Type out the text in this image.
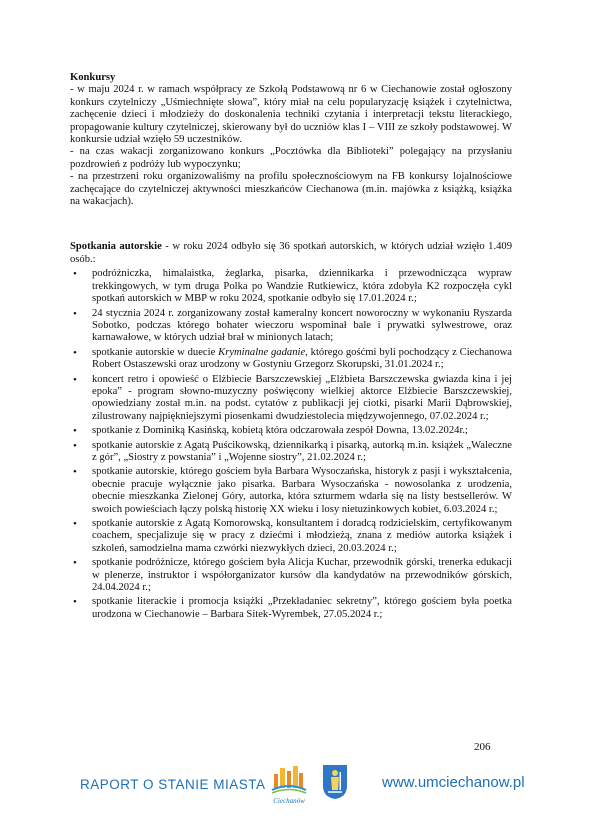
Konkursy

- w maju 2024 r. w ramach współpracy ze Szkołą Podstawową nr 6 w Ciechanowie został ogłoszony konkurs czytelniczy „Uśmiechnięte słowa”, który miał na celu popularyzację książek i czytelnictwa, zachęcenie dzieci i młodzieży do doskonalenia techniki czytania i interpretacji tekstu literackiego, propagowanie kultury czytelniczej, skierowany był do uczniów klas I – VIII ze szkoły podstawowej. W konkursie udział wzięło 59 uczestników.

- na czas wakacji zorganizowano konkurs „Pocztówka dla Biblioteki” polegający na przysłaniu pozdrowień z podróży lub wypoczynku;

- na przestrzeni roku organizowaliśmy na profilu społecznościowym na FB konkursy lojalnościowe zachęcające do czytelniczej aktywności mieszkańców Ciechanowa (m.in. majówka z książką, książka na wakacjach).

Spotkania autorskie - w roku 2024 odbyło się 36 spotkań autorskich, w których udział wzięło 1.409 osób.:

• podróżniczka, himalaistka, żeglarka, pisarka, dziennikarka i przewodnicząca wypraw trekkingowych, w tym druga Polka po Wandzie Rutkiewicz, która zdobyła K2 rozpoczęła cykl spotkań autorskich w MBP w roku 2024, spotkanie odbyło się 17.01.2024 r.;
• 24 stycznia 2024 r. zorganizowany został kameralny koncert noworoczny w wykonaniu Ryszarda Sobotko, podczas którego bohater wieczoru wspominał bale i prywatki sylwestrowe, oraz karnawałowe, w których udział brał w minionych latach;
• spotkanie autorskie w duecie Kryminalne gadanie, którego gośćmi byli pochodzący z Ciechanowa Robert Ostaszewski oraz urodzony w Gostyniu Grzegorz Skorupski, 31.01.2024 r.;
• koncert retro i opowieść o Elżbiecie Barszczewskiej „Elżbieta Barszczewska gwiazda kina i jej epoka” - program słowno-muzyczny poświęcony wielkiej aktorce Elżbiecie Barszczewskiej, opowiedziany został m.in. na podst. cytatów z publikacji jej ciotki, pisarki Marii Dąbrowskiej, zilustrowany najpiękniejszymi piosenkami dwudziestolecia międzywojennego, 07.02.2024 r.;
• spotkanie z Dominiką Kasińską, kobietą która odczarowała zespół Downa, 13.02.2024r.;
• spotkanie autorskie z Agatą Puścikowską, dziennikarką i pisarką, autorką m.in. książek „Waleczne z gór”, „Siostry z powstania” i „Wojenne siostry”, 21.02.2024 r.;
• spotkanie autorskie, którego gościem była Barbara Wysoczańska, historyk z pasji i wykształcenia, obecnie pracuje wyłącznie jako pisarka. Barbara Wysoczańska - nowosolanka z urodzenia, obecnie mieszkanka Zielonej Góry, autorka, która szturmem wdarła się na listy bestsellerów. W swoich powieściach łączy polską historię XX wieku i losy nietuzinkowych kobiet, 6.03.2024 r.;
• spotkanie autorskie z Agatą Komorowską, konsultantem i doradcą rodzicielskim, certyfikowanym coachem, specjalizuje się w pracy z dziećmi i młodzieżą, znana z mediów autorka książek i szkoleń, samodzielna mama czwórki niezwykłych dzieci, 20.03.2024 r.;
• spotkanie podróżnicze, którego gościem była Alicja Kuchar, przewodnik górski, trenerka edukacji w plenerze, instruktor i współorganizator kursów dla kandydatów na przewodników górskich, 24.04.2024 r.;
• spotkanie literackie i promocja książki „Przekładaniec sekretny”, którego gościem była poetka urodzona w Ciechanowie – Barbara Sitek-Wyrembek, 27.05.2024 r.;
206
RAPORT O STANIE MIASTA
Ciechanów
www.umciechanow.pl
